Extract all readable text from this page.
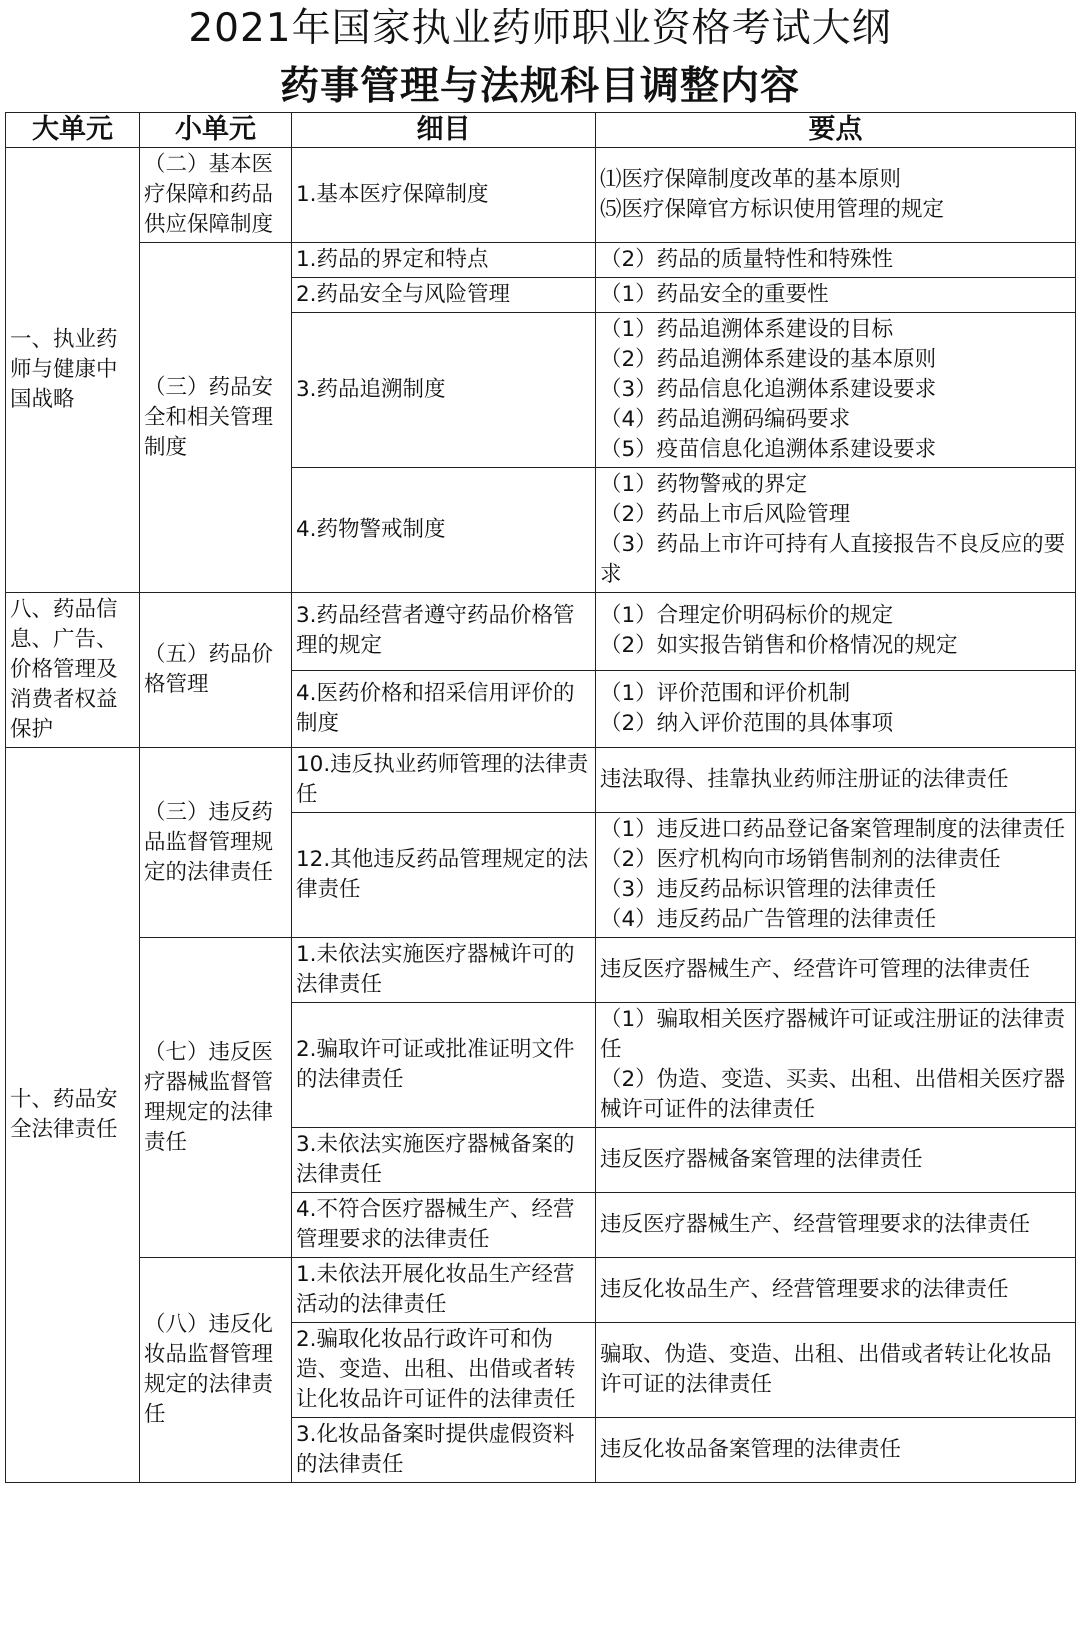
2021年国家执业药师职业资格考试大纲
药事管理与法规科目调整内容
大单元	小单元	细目	要点
一、执业药师与健康中国战略	（二）基本医疗保障和药品供应保障制度	1.基本医疗保障制度	⑴医疗保障制度改革的基本原则
⑸医疗保障官方标识使用管理的规定

	（三）药品安全和相关管理制度	1.药品的界定和特点	（2）药品的质量特性和特殊性

		2.药品安全与风险管理	（1）药品安全的重要性

		3.药品追溯制度	（1）药品追溯体系建设的目标
（2）药品追溯体系建设的基本原则
（3）药品信息化追溯体系建设要求
（4）药品追溯码编码要求
（5）疫苗信息化追溯体系建设要求

		4.药物警戒制度	（1）药物警戒的界定
（2）药品上市后风险管理
（3）药品上市许可持有人直接报告不良反应的要求

八、药品信息、广告、价格管理及消费者权益保护	（五）药品价格管理	3.药品经营者遵守药品价格管理的规定	（1）合理定价明码标价的规定
（2）如实报告销售和价格情况的规定

		4.医药价格和招采信用评价的制度	（1）评价范围和评价机制
（2）纳入评价范围的具体事项

十、药品安全法律责任	（三）违反药品监督管理规定的法律责任	10.违反执业药师管理的法律责任	违法取得、挂靠执业药师注册证的法律责任

		12.其他违反药品管理规定的法律责任	（1）违反进口药品登记备案管理制度的法律责任
（2）医疗机构向市场销售制剂的法律责任
（3）违反药品标识管理的法律责任
（4）违反药品广告管理的法律责任

	（七）违反医疗器械监督管理规定的法律责任	1.未依法实施医疗器械许可的法律责任	违反医疗器械生产、经营许可管理的法律责任

		2.骗取许可证或批准证明文件的法律责任	（1）骗取相关医疗器械许可证或注册证的法律责任
（2）伪造、变造、买卖、出租、出借相关医疗器械许可证件的法律责任

		3.未依法实施医疗器械备案的法律责任	违反医疗器械备案管理的法律责任

		4.不符合医疗器械生产、经营管理要求的法律责任	违反医疗器械生产、经营管理要求的法律责任

	（八）违反化妆品监督管理规定的法律责任	1.未依法开展化妆品生产经营活动的法律责任	违反化妆品生产、经营管理要求的法律责任

		2.骗取化妆品行政许可和伪造、变造、出租、出借或者转让化妆品许可证件的法律责任	骗取、伪造、变造、出租、出借或者转让化妆品许可证的法律责任

		3.化妆品备案时提供虚假资料的法律责任	违反化妆品备案管理的法律责任
